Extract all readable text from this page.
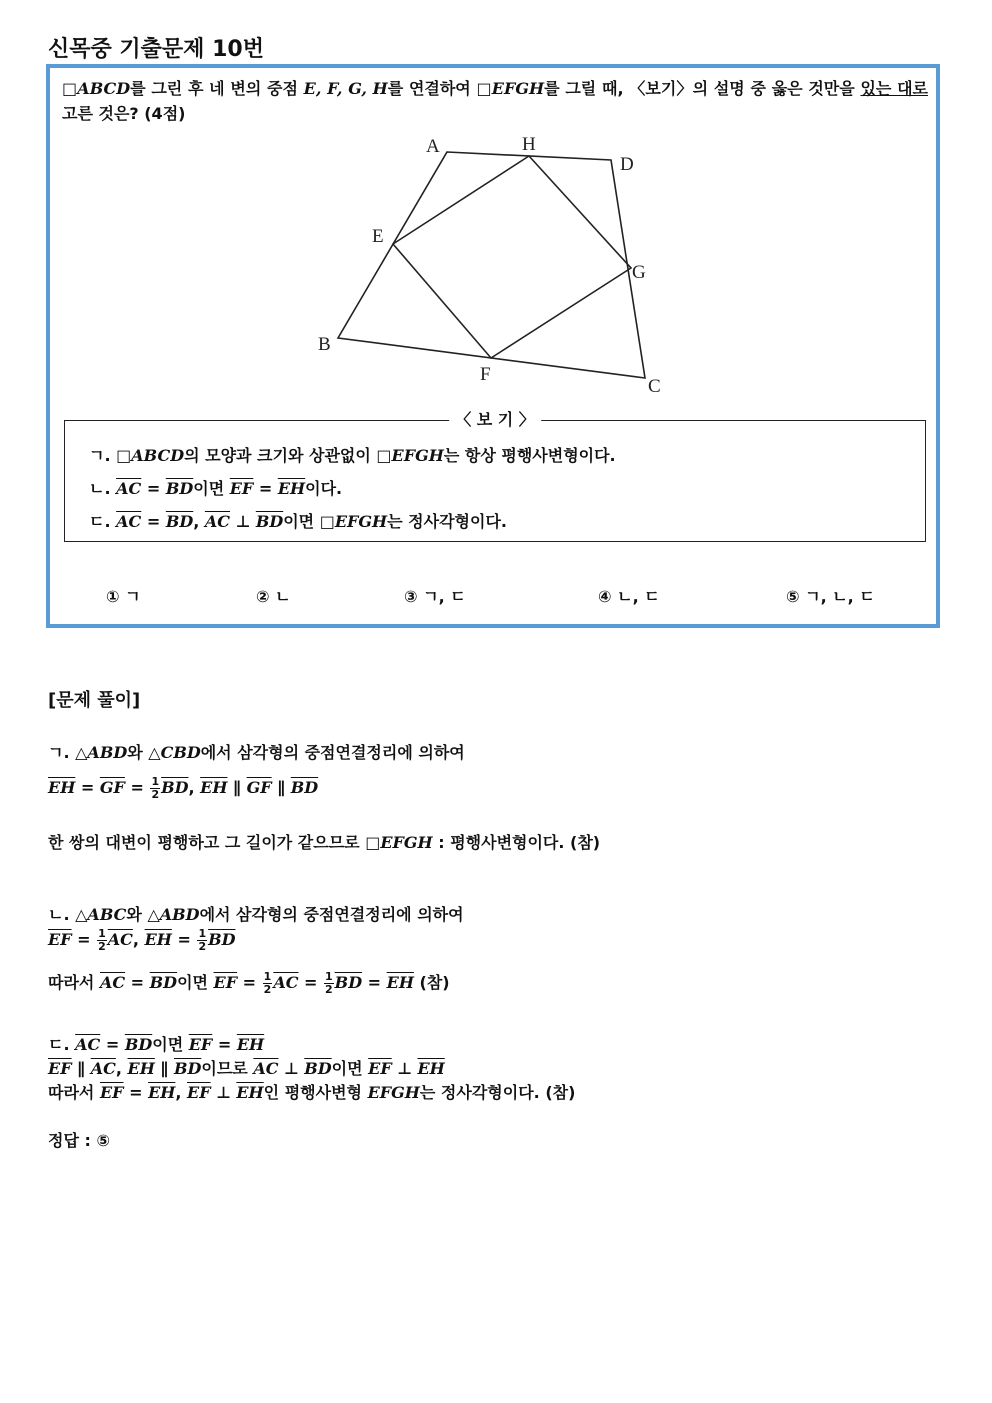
신목중 기출문제 10번
□ABCD를 그린 후 네 변의 중점 E, F, G, H를 연결하여 □EFGH를 그릴 때, 〈보기〉의 설명 중 옳은 것만을 있는 대로 고른 것은? (4점)
A	H
D
E
G
B
F
C
〈 보 기 〉
ㄱ. □ABCD의 모양과 크기와 상관없이 □EFGH는 항상 평행사변형이다.
ㄴ. $\overline{AC} = \overline{BD}$이면 $\overline{EF} = \overline{EH}$이다.
ㄷ. $\overline{AC} = \overline{BD}$, $\overline{AC}$ ⊥ $\overline{BD}$이면 □EFGH는 정사각형이다.
① ㄱ	② ㄴ	③ ㄱ, ㄷ	④ ㄴ, ㄷ	⑤ ㄱ, ㄴ, ㄷ
[문제 풀이]
ㄱ. △ABD와 △CBD에서 삼각형의 중점연결정리에 의하여
$\overline{EH} = \overline{GF} = \frac{1}{2} \overline{BD}$, $\overline{EH}$ ∥ $\overline{GF}$ ∥ $\overline{BD}$
한 쌍의 대변이 평행하고 그 길이가 같으므로 □EFGH : 평행사변형이다. (참)
ㄴ. △ABC와 △ABD에서 삼각형의 중점연결정리에 의하여
$\overline{EF} = \frac{1}{2} \overline{AC}$, $\overline{EH} = \frac{1}{2} \overline{BD}$
따라서 $\overline{AC} = \overline{BD}$이면 $\overline{EF} = \frac{1}{2} \overline{AC} = \frac{1}{2} \overline{BD} = \overline{EH}$ (참)
ㄷ. $\overline{AC} = \overline{BD}$이면 $\overline{EF} = \overline{EH}$
$\overline{EF}$ ∥ $\overline{AC}$, $\overline{EH}$ ∥ $\overline{BD}$이므로 $\overline{AC}$ ⊥ $\overline{BD}$이면 $\overline{EF}$ ⊥ $\overline{EH}$
따라서 $\overline{EF} = \overline{EH}$, $\overline{EF}$ ⊥ $\overline{EH}$인 평행사변형 EFGH는 정사각형이다. (참)
정답 : ⑤
